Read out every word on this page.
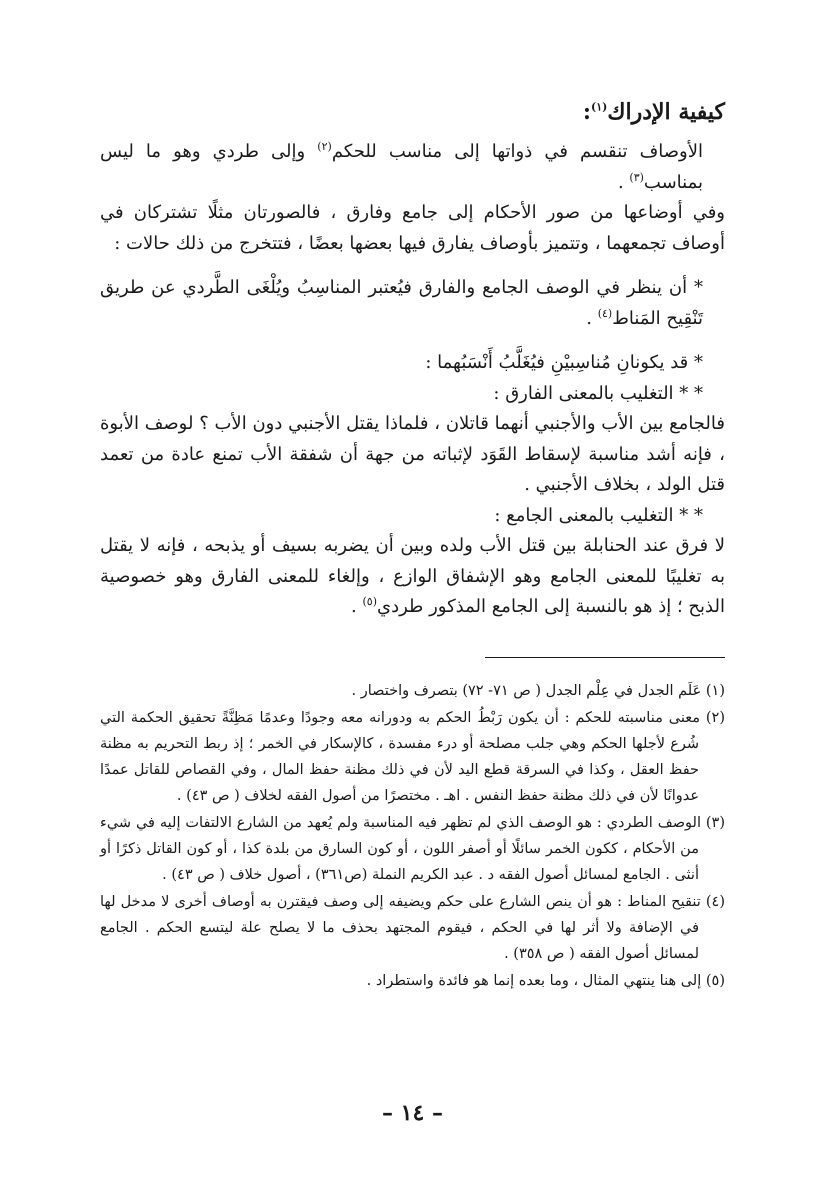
كيفية الإدراك$^{(١)}$:

الأوصاف تنقسم في ذواتها إلى مناسب للحكم$^{(٢)}$ وإلى طردي وهو ما ليس بمناسب$^{(٣)}$ .

وفي أوضاعها من صور الأحكام إلى جامع وفارق ، فالصورتان مثلًا تشتركان في أوصاف تجمعهما ، وتتميز بأوصاف يفارق فيها بعضها بعضًا ، فتتخرج من ذلك حالات :

* أن ينظر في الوصف الجامع والفارق فيُعتبر المناسِبُ ويُلْغَى الطَّردي عن طريق تَنْقِيح المَناط$^{(٤)}$ .

* قد يكونانِ مُناسِبيْنِ فيُغَلَّبُ أَنْسَبُهما :

* * التغليب بالمعنى الفارق :

فالجامع بين الأب والأجنبي أنهما قاتلان ، فلماذا يقتل الأجنبي دون الأب ؟ لوصف الأبوة ، فإنه أشد مناسبة لإسقاط القَوَد لإثباته من جهة أن شفقة الأب تمنع عادة من تعمد قتل الولد ، بخلاف الأجنبي .

* * التغليب بالمعنى الجامع :

لا فرق عند الحنابلة بين قتل الأب ولده وبين أن يضربه بسيف أو يذبحه ، فإنه لا يقتل به تغليبًا للمعنى الجامع وهو الإشفاق الوازع ، وإلغاء للمعنى الفارق وهو خصوصية الذبح ؛ إذ هو بالنسبة إلى الجامع المذكور طردي$^{(٥)}$ .

(١) عَلَم الجدل في عِلْم الجدل ( ص ٧١- ٧٢) بتصرف واختصار .

(٢) معنى مناسبته للحكم : أن يكون رَبْطُ الحكم به ودورانه معه وجودًا وعدمًا مَظِنَّةً تحقيق الحكمة التي شُرع لأجلها الحكم وهي جلب مصلحة أو درء مفسدة ، كالإسكار في الخمر ؛ إذ ربط التحريم به مظنة حفظ العقل ، وكذا في السرقة قطع اليد لأن في ذلك مظنة حفظ المال ، وفي القصاص للقاتل عمدًا عدوانًا لأن في ذلك مظنة حفظ النفس . اهـ . مختصرًا من أصول الفقه لخلاف ( ص ٤٣) .

(٣) الوصف الطردي : هو الوصف الذي لم تظهر فيه المناسبة ولم يُعهد من الشارع الالتفات إليه في شيء من الأحكام ، ككون الخمر سائلًا أو أصفر اللون ، أو كون السارق من بلدة كذا ، أو كون القاتل ذكرًا أو أنثى . الجامع لمسائل أصول الفقه د . عبد الكريم النملة (ص٣٦١) ، أصول خلاف ( ص ٤٣) .

(٤) تنقيح المناط : هو أن ينص الشارع على حكم ويضيفه إلى وصف فيقترن به أوصاف أخرى لا مدخل لها في الإضافة ولا أثر لها في الحكم ، فيقوم المجتهد بحذف ما لا يصلح علة ليتسع الحكم . الجامع لمسائل أصول الفقه ( ص ٣٥٨) .

(٥) إلى هنا ينتهي المثال ، وما بعده إنما هو فائدة واستطراد .

– ١٤ –
